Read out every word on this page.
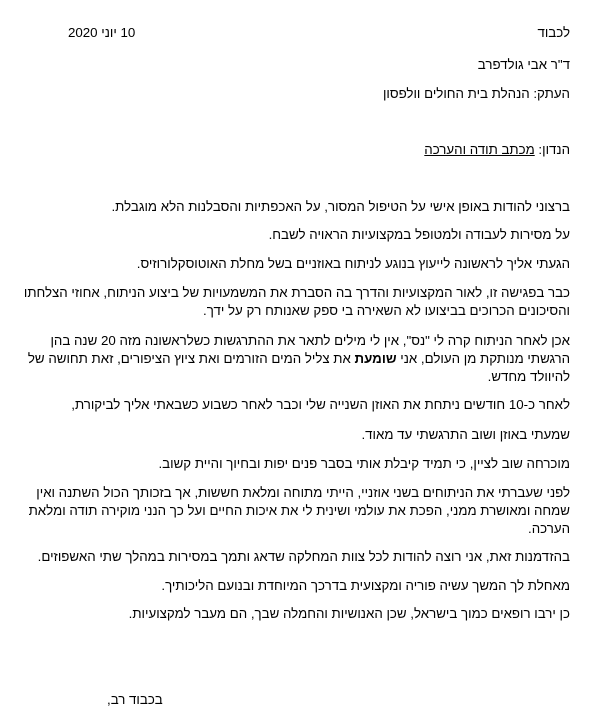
לכבוד
10 יוני 2020
ד"ר אבי גולדפרב
העתק: הנהלת בית החולים וולפסון
הנדון: מכתב תודה והערכה
ברצוני להודות באופן אישי על הטיפול המסור, על האכפתיות והסבלנות הלא מוגבלת.
על מסירות לעבודה ולמטופל במקצועיות הראויה לשבח.
הגעתי אליך לראשונה לייעוץ בנוגע לניתוח באוזניים בשל מחלת האוטוסקלורוזיס.
כבר בפגישה זו, לאור המקצועיות והדרך בה הסברת את המשמעויות של ביצוע הניתוח, אחוזי הצלחתו והסיכונים הכרוכים בביצועו לא השאירה בי ספק שאנותח רק על ידך.
אכן לאחר הניתוח קרה לי "נס", אין לי מילים לתאר את ההתרגשות כשלראשונה מזה 20 שנה בהן הרגשתי מנותקת מן העולם, אני שומעת את צליל המים הזורמים ואת ציוץ הציפורים, זאת תחושה של להיוולד מחדש.
לאחר כ-10 חודשים ניתחת את האוזן השנייה שלי וכבר לאחר כשבוע כשבאתי אליך לביקורת,
שמעתי באוזן ושוב התרגשתי עד מאוד.
מוכרחה שוב לציין, כי תמיד קיבלת אותי בסבר פנים יפות ובחיוך והיית קשוב.
לפני שעברתי את הניתוחים בשני אוזניי, הייתי מתוחה ומלאת חששות, אך בזכותך הכול השתנה ואין שמחה ומאושרת ממני, הפכת את עולמי ושינית לי את איכות החיים ועל כך הנני מוקירה תודה ומלאת הערכה.
בהזדמנות זאת, אני רוצה להודות לכל צוות המחלקה שדאג ותמך במסירות במהלך שתי האשפוזים.
מאחלת לך המשך עשיה פוריה ומקצועית בדרכך המיוחדת ובנועם הליכותיך.
כן ירבו רופאים כמוך בישראל, שכן האנושיות והחמלה שבך, הם מעבר למקצועיות.
בכבוד רב,
